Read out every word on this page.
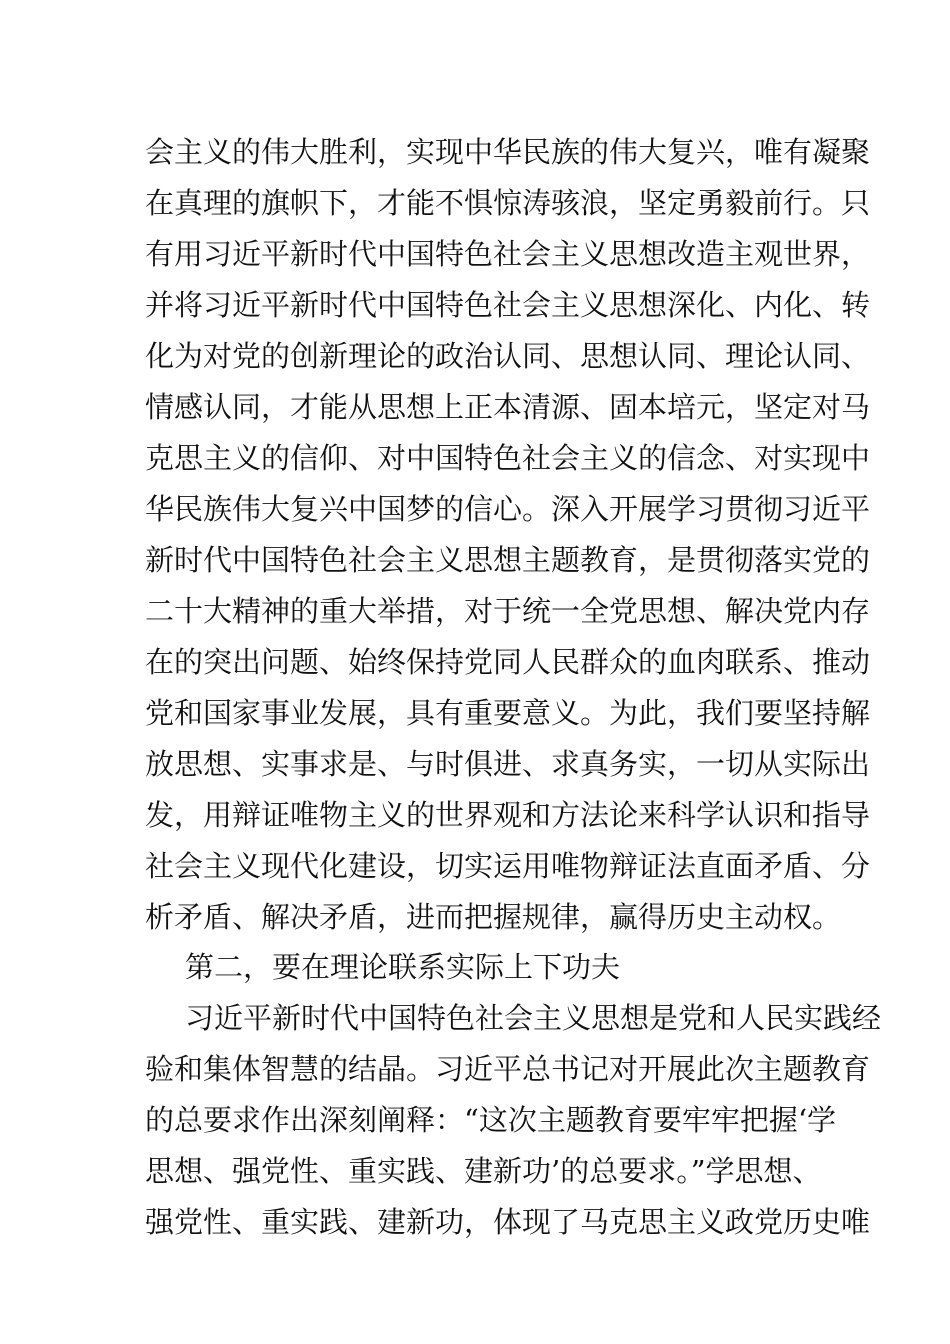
会主义的伟大胜利，实现中华民族的伟大复兴，唯有凝聚
在真理的旗帜下，才能不惧惊涛骇浪，坚定勇毅前行。只
有用习近平新时代中国特色社会主义思想改造主观世界，
并将习近平新时代中国特色社会主义思想深化、内化、转
化为对党的创新理论的政治认同、思想认同、理论认同、
情感认同，才能从思想上正本清源、固本培元，坚定对马
克思主义的信仰、对中国特色社会主义的信念、对实现中
华民族伟大复兴中国梦的信心。深入开展学习贯彻习近平
新时代中国特色社会主义思想主题教育，是贯彻落实党的
二十大精神的重大举措，对于统一全党思想、解决党内存
在的突出问题、始终保持党同人民群众的血肉联系、推动
党和国家事业发展，具有重要意义。为此，我们要坚持解
放思想、实事求是、与时俱进、求真务实，一切从实际出
发，用辩证唯物主义的世界观和方法论来科学认识和指导
社会主义现代化建设，切实运用唯物辩证法直面矛盾、分
析矛盾、解决矛盾，进而把握规律，赢得历史主动权。
第二，要在理论联系实际上下功夫
习近平新时代中国特色社会主义思想是党和人民实践经
验和集体智慧的结晶。习近平总书记对开展此次主题教育
的总要求作出深刻阐释：“这次主题教育要牢牢把握‘学
思想、强党性、重实践、建新功’的总要求。”学思想、
强党性、重实践、建新功，体现了马克思主义政党历史唯
